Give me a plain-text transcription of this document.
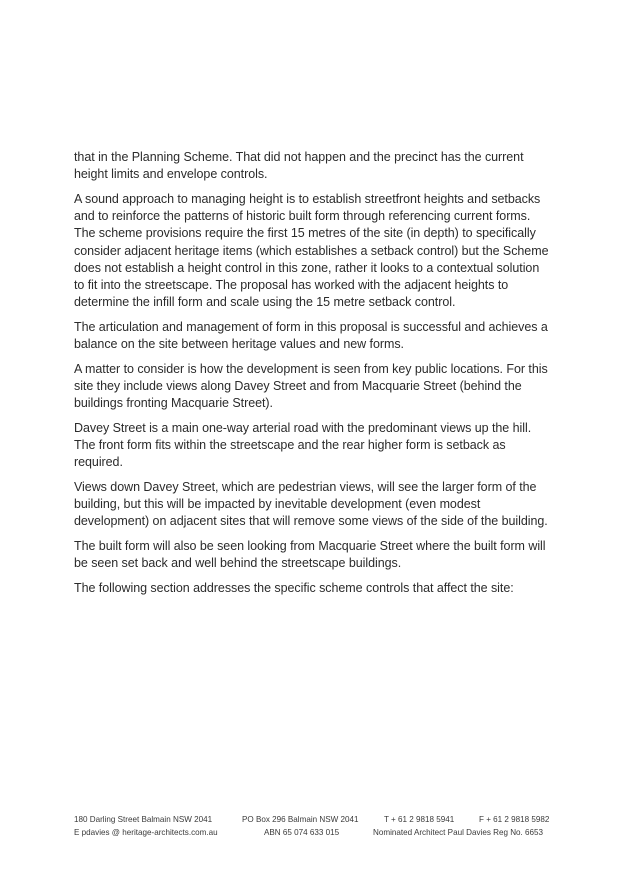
that in the Planning Scheme. That did not happen and the precinct has the current height limits and envelope controls.

A sound approach to managing height is to establish streetfront heights and setbacks and to reinforce the patterns of historic built form through referencing current forms. The scheme provisions require the first 15 metres of the site (in depth) to specifically consider adjacent heritage items (which establishes a setback control) but the Scheme does not establish a height control in this zone, rather it looks to a contextual solution to fit into the streetscape. The proposal has worked with the adjacent heights to determine the infill form and scale using the 15 metre setback control.

The articulation and management of form in this proposal is successful and achieves a balance on the site between heritage values and new forms.

A matter to consider is how the development is seen from key public locations. For this site they include views along Davey Street and from Macquarie Street (behind the buildings fronting Macquarie Street).

Davey Street is a main one-way arterial road with the predominant views up the hill. The front form fits within the streetscape and the rear higher form is setback as required.

Views down Davey Street, which are pedestrian views, will see the larger form of the building, but this will be impacted by inevitable development (even modest development) on adjacent sites that will remove some views of the side of the building.

The built form will also be seen looking from Macquarie Street where the built form will be seen set back and well behind the streetscape buildings.

The following section addresses the specific scheme controls that affect the site:

180 Darling Street Balmain NSW 2041	PO Box 296 Balmain NSW 2041	T + 61 2 9818 5941	F + 61 2 9818 5982
E pdavies @ heritage-architects.com.au	ABN 65 074 633 015	Nominated Architect Paul Davies Reg No. 6653
